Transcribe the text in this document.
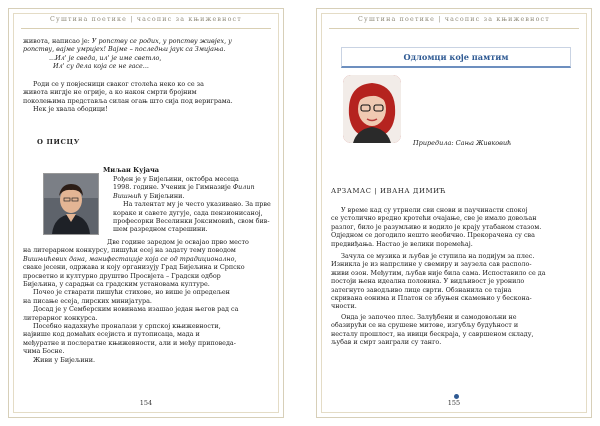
Суштина поетике | часопис за књижевност

живота, написао је: У ропству се родих, у ропству живјех, у

ропству, вајмe умријех! Вајме – последњи јаук са Змијања.

...Ил' је сведа, ил' је име светло,

Ил' су дела која се не гасе...

Роди се у повјесници сваког столећа неко ко се за

живота нигдје не огрије, а ко након смрти бројним

поколењима представља силан огањ што сија под вериграма.

Нек је хвала ободици!

О ПИСЦУ
Миљан Кујача

Рођен је у Бијељини, октобра месеца

1998. године. Ученик је Гимназије Филип

Вишњић у Бијељини.

На талентат му је често указивано. За прве

кораке и савете дугује, сада пензионисаној,

професорки Веселинки Јоксимовић, свом бив-

шем разредном старешини.

Две године заредом је освајао прво место

на литерарном конкурсу, пишући есеј на задату тему поводом

Вишњићевих дана, манифестације која се од традиционално,

сваке јесени, одржава и коју организују Град Бијељина и Српско

просветно и културно друштво Просвјета – Градски одбор

Бијељина, у сарадњи са градским установама културе.

Почео је стварати пишући стихове, но више је опредељен

на писање есеја, лирских минијатура.

Досад је у Семберским новинама изашао један његов рад са

литерарног конкурса.

Посебно надахнуће проналази у српској књижевности,

највише код домаћих есејиста и путописаца, мада и

међуратне и послератне књижевности, али и међу приповеда-

чима Босне.

Живи у Бијељини.

154
Суштина поетике | часопис за књижевност
Одломци које памтим
Приредила: Сања Живковић
АРЗАМАС | ИВАНА ДИМИЋ

У време кад су утрнели сви снови и паучинасти спокој

се устолично вредно кротећи очајање, све је имало довољан

разлог, било је разумљиво и водило је крају утабаном стазом.

Одједном се догодило нешто необично. Прекорачена су сва

предвиђања. Настао је велики поремећај.

Зачула се музика и љубав је ступила на подијум за плес.

Изникла је из напрслине у свемиру и заузела сав располо-

живи озон. Међутим, љубав није била сама. Испоставило се да

постоји њена идеална половина. У видљивост је уронило

затегнуто заводљиво лице сврти. Обзнанила се тајна

скривана еонима и Платон се збуњен скамењио у бесконa-

чности.

Онда је започео плес. Залуђбени и самодовољни не

обазирући се на срушене митове, изгубљу будућност и

несталу прошлост, на ивици бескраја, у савршеном складу,

љубав и смрт заиграли су танго.

155
